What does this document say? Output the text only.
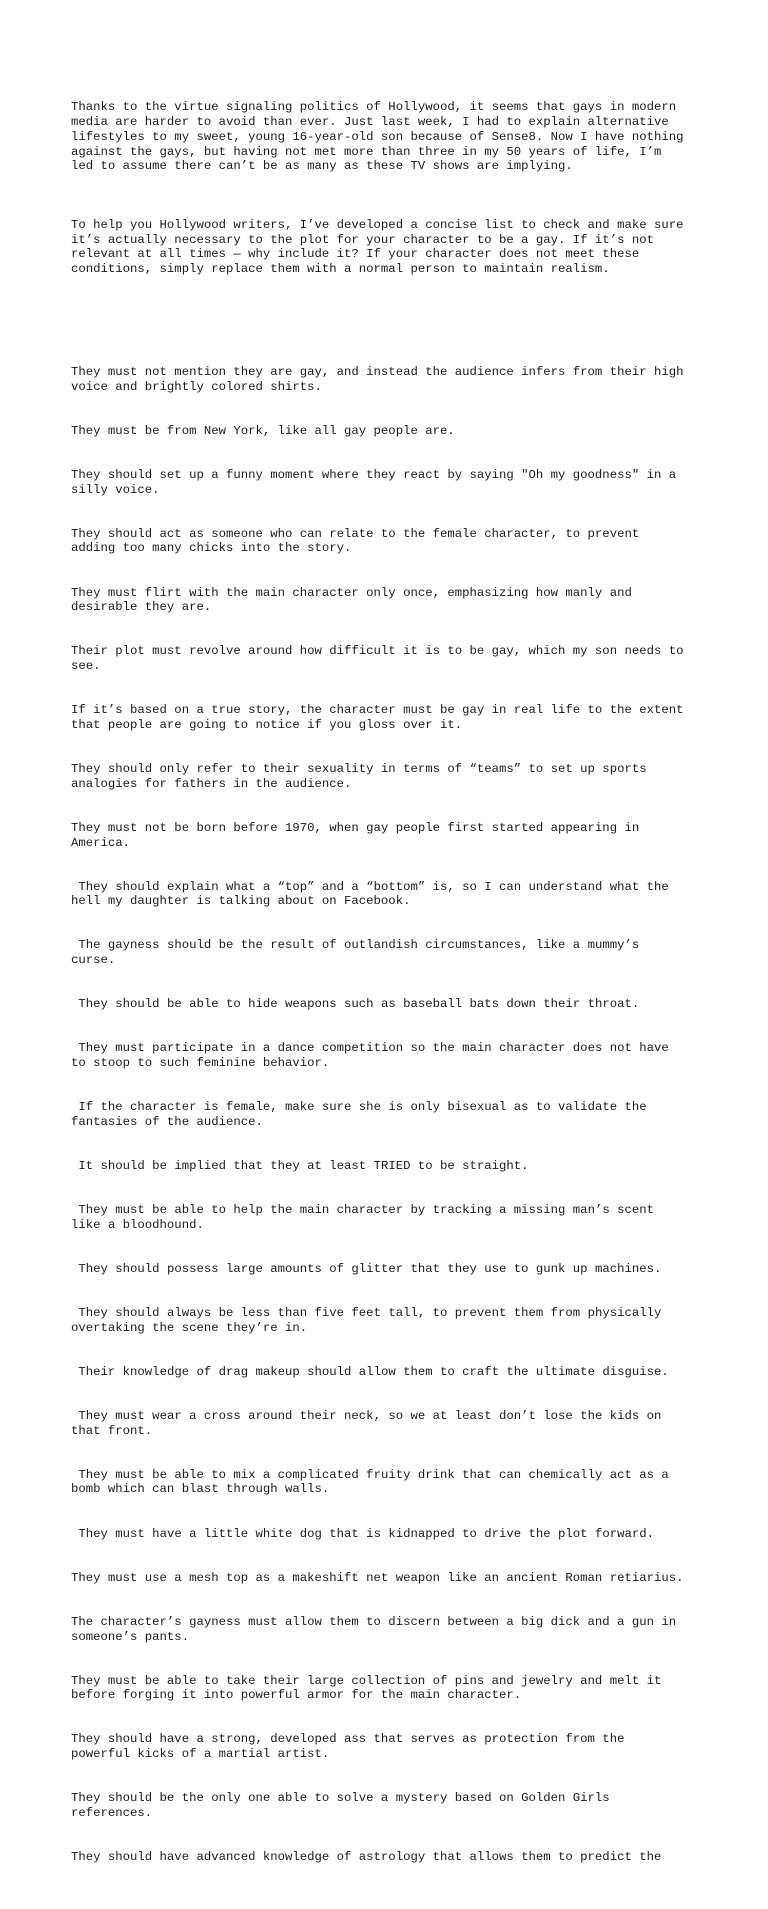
Thanks to the virtue signaling politics of Hollywood, it seems that gays in modern
media are harder to avoid than ever. Just last week, I had to explain alternative
lifestyles to my sweet, young 16-year-old son because of Sense8. Now I have nothing
against the gays, but having not met more than three in my 50 years of life, I’m
led to assume there can’t be as many as these TV shows are implying.

To help you Hollywood writers, I’ve developed a concise list to check and make sure
it’s actually necessary to the plot for your character to be a gay. If it’s not
relevant at all times — why include it? If your character does not meet these
conditions, simply replace them with a normal person to maintain realism.

They must not mention they are gay, and instead the audience infers from their high
voice and brightly colored shirts.

They must be from New York, like all gay people are.

They should set up a funny moment where they react by saying "Oh my goodness" in a
silly voice.

They should act as someone who can relate to the female character, to prevent
adding too many chicks into the story.

They must flirt with the main character only once, emphasizing how manly and
desirable they are.

Their plot must revolve around how difficult it is to be gay, which my son needs to
see.

If it’s based on a true story, the character must be gay in real life to the extent
that people are going to notice if you gloss over it.

They should only refer to their sexuality in terms of “teams” to set up sports
analogies for fathers in the audience.

They must not be born before 1970, when gay people first started appearing in
America.

They should explain what a “top” and a “bottom” is, so I can understand what the
hell my daughter is talking about on Facebook.

The gayness should be the result of outlandish circumstances, like a mummy’s
curse.

They should be able to hide weapons such as baseball bats down their throat.

They must participate in a dance competition so the main character does not have
to stoop to such feminine behavior.

If the character is female, make sure she is only bisexual as to validate the
fantasies of the audience.

It should be implied that they at least TRIED to be straight.

They must be able to help the main character by tracking a missing man’s scent
like a bloodhound.

They should possess large amounts of glitter that they use to gunk up machines.

They should always be less than five feet tall, to prevent them from physically
overtaking the scene they’re in.

Their knowledge of drag makeup should allow them to craft the ultimate disguise.

They must wear a cross around their neck, so we at least don’t lose the kids on
that front.

They must be able to mix a complicated fruity drink that can chemically act as a
bomb which can blast through walls.

They must have a little white dog that is kidnapped to drive the plot forward.

They must use a mesh top as a makeshift net weapon like an ancient Roman retiarius.

The character’s gayness must allow them to discern between a big dick and a gun in
someone’s pants.

They must be able to take their large collection of pins and jewelry and melt it
before forging it into powerful armor for the main character.

They should have a strong, developed ass that serves as protection from the
powerful kicks of a martial artist.

They should be the only one able to solve a mystery based on Golden Girls
references.

They should have advanced knowledge of astrology that allows them to predict the
